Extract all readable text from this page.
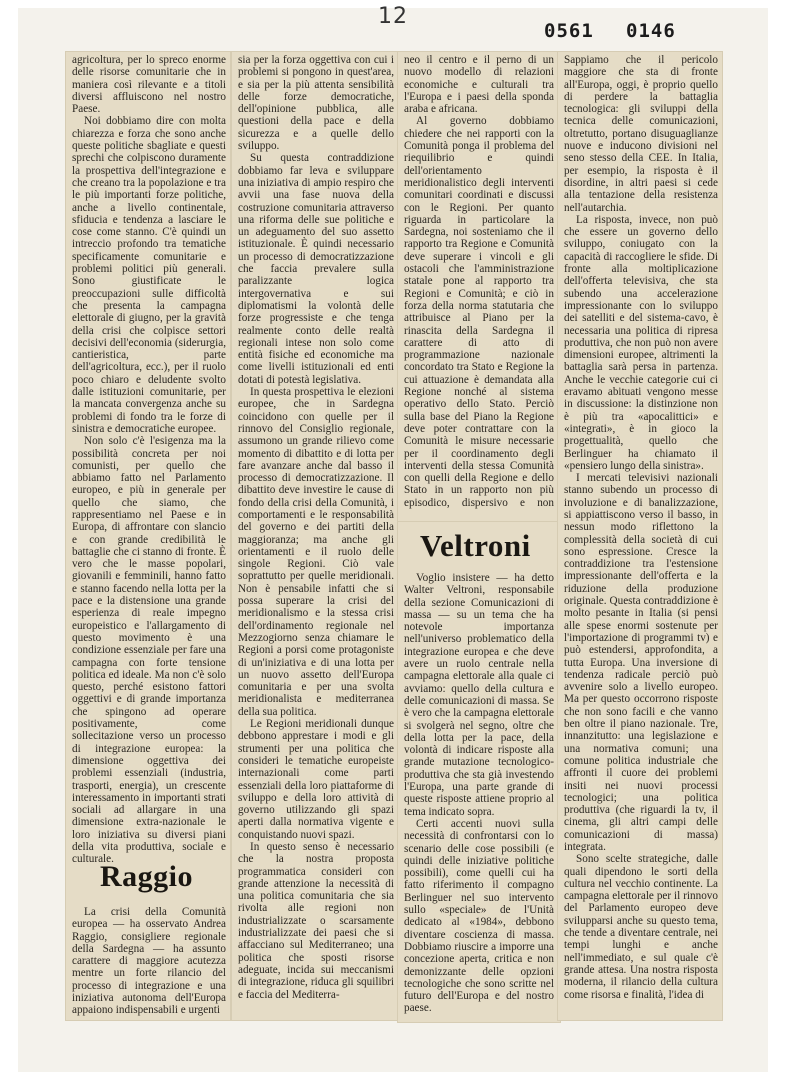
12
0561 0146

agricoltura, per lo spreco enorme delle risorse comunitarie che in maniera così rilevante e a titoli diversi affluiscono nel nostro Paese.

Noi dobbiamo dire con molta chiarezza e forza che sono anche queste politiche sbagliate e questi sprechi che colpiscono duramente la prospettiva dell'integrazione e che creano tra la popolazione e tra le più importanti forze politiche, anche a livello continentale, sfiducia e tendenza a lasciare le cose come stanno. C'è quindi un intreccio profondo tra tematiche specificamente comunitarie e problemi politici più generali. Sono giustificate le preoccupazioni sulle difficoltà che presenta la campagna elettorale di giugno, per la gravità della crisi che colpisce settori decisivi dell'economia (siderurgia, cantieristica, parte dell'agricoltura, ecc.), per il ruolo poco chiaro e deludente svolto dalle istituzioni comunitarie, per la mancata convergenza anche su problemi di fondo tra le forze di sinistra e democratiche europee.

Non solo c'è l'esigenza ma la possibilità concreta per noi comunisti, per quello che abbiamo fatto nel Parlamento europeo, e più in generale per quello che siamo, che rappresentiamo nel Paese e in Europa, di affrontare con slancio e con grande credibilità le battaglie che ci stanno di fronte. È vero che le masse popolari, giovanili e femminili, hanno fatto e stanno facendo nella lotta per la pace e la distensione una grande esperienza di reale impegno europeistico e l'allargamento di questo movimento è una condizione essenziale per fare una campagna con forte tensione politica ed ideale. Ma non c'è solo questo, perché esistono fattori oggettivi e di grande importanza che spingono ad operare positivamente, come sollecitazione verso un processo di integrazione europea: la dimensione oggettiva dei problemi essenziali (industria, trasporti, energia), un crescente interessamento in importanti strati sociali ad allargare in una dimensione extra-nazionale le loro iniziativa su diversi piani della vita produttiva, sociale e culturale.

Raggio

La crisi della Comunità europea — ha osservato Andrea Raggio, consigliere regionale della Sardegna — ha assunto carattere di maggiore acutezza mentre un forte rilancio del processo di integrazione e una iniziativa autonoma dell'Europa appaiono indispensabili e urgenti

sia per la forza oggettiva con cui i problemi si pongono in quest'area, e sia per la più attenta sensibilità delle forze democratiche, dell'opinione pubblica, alle questioni della pace e della sicurezza e a quelle dello sviluppo.

Su questa contraddizione dobbiamo far leva e sviluppare una iniziativa di ampio respiro che avvii una fase nuova della costruzione comunitaria attraverso una riforma delle sue politiche e un adeguamento del suo assetto istituzionale. È quindi necessario un processo di democratizzazione che faccia prevalere sulla paralizzante logica intergovernativa e sui diplomatismi la volontà delle forze progressiste e che tenga realmente conto delle realtà regionali intese non solo come entità fisiche ed economiche ma come livelli istituzionali ed enti dotati di potestà legislativa.

In questa prospettiva le elezioni europee, che in Sardegna coincidono con quelle per il rinnovo del Consiglio regionale, assumono un grande rilievo come momento di dibattito e di lotta per fare avanzare anche dal basso il processo di democratizzazione. Il dibattito deve investire le cause di fondo della crisi della Comunità, i comportamenti e le responsabilità del governo e dei partiti della maggioranza; ma anche gli orientamenti e il ruolo delle singole Regioni. Ciò vale soprattutto per quelle meridionali. Non è pensabile infatti che si possa superare la crisi del meridionalismo e la stessa crisi dell'ordinamento regionale nel Mezzogiorno senza chiamare le Regioni a porsi come protagoniste di un'iniziativa e di una lotta per un nuovo assetto dell'Europa comunitaria e per una svolta meridionalista e mediterranea della sua politica.

Le Regioni meridionali dunque debbono apprestare i modi e gli strumenti per una politica che consideri le tematiche europeiste internazionali come parti essenziali della loro piattaforme di sviluppo e della loro attività di governo utilizzando gli spazi aperti dalla normativa vigente e conquistando nuovi spazi.

In questo senso è necessario che la nostra proposta programmatica consideri con grande attenzione la necessità di una politica comunitaria che sia rivolta alle regioni non industrializzate o scarsamente industrializzate dei paesi che si affacciano sul Mediterraneo; una politica che sposti risorse adeguate, incida sui meccanismi di integrazione, riduca gli squilibri e faccia del Mediterra-

neo il centro e il perno di un nuovo modello di relazioni economiche e culturali tra l'Europa e i paesi della sponda araba e africana.

Al governo dobbiamo chiedere che nei rapporti con la Comunità ponga il problema del riequilibrio e quindi dell'orientamento meridionalistico degli interventi comunitari coordinati e discussi con le Regioni. Per quanto riguarda in particolare la Sardegna, noi sosteniamo che il rapporto tra Regione e Comunità deve superare i vincoli e gli ostacoli che l'amministrazione statale pone al rapporto tra Regioni e Comunità; e ciò in forza della norma statutaria che attribuisce al Piano per la rinascita della Sardegna il carattere di atto di programmazione nazionale concordato tra Stato e Regione la cui attuazione è demandata alla Regione nonché al sistema operativo dello Stato. Perciò sulla base del Piano la Regione deve poter contrattare con la Comunità le misure necessarie per il coordinamento degli interventi della stessa Comunità con quelli della Regione e dello Stato in un rapporto non più episodico, dispersivo e non

Veltroni

Voglio insistere — ha detto Walter Veltroni, responsabile della sezione Comunicazioni di massa — su un tema che ha notevole importanza nell'universo problematico della integrazione europea e che deve avere un ruolo centrale nella campagna elettorale alla quale ci avviamo: quello della cultura e delle comunicazioni di massa. Se è vero che la campagna elettorale si svolgerà nel segno, oltre che della lotta per la pace, della volontà di indicare risposte alla grande mutazione tecnologico-produttiva che sta già investendo l'Europa, una parte grande di queste risposte attiene proprio al tema indicato sopra.

Certi accenti nuovi sulla necessità di confrontarsi con lo scenario delle cose possibili (e quindi delle iniziative politiche possibili), come quelli cui ha fatto riferimento il compagno Berlinguer nel suo intervento sullo «speciale» de l'Unità dedicato al «1984», debbono diventare coscienza di massa. Dobbiamo riuscire a imporre una concezione aperta, critica e non demonizzante delle opzioni tecnologiche che sono scritte nel futuro dell'Europa e del nostro paese.

Sappiamo che il pericolo maggiore che sta di fronte all'Europa, oggi, è proprio quello di perdere la battaglia tecnologica: gli sviluppi della tecnica delle comunicazioni, oltretutto, portano disuguaglianze nuove e inducono divisioni nel seno stesso della CEE. In Italia, per esempio, la risposta è il disordine, in altri paesi si cede alla tentazione della resistenza nell'autarchia.

La risposta, invece, non può che essere un governo dello sviluppo, coniugato con la capacità di raccogliere le sfide. Di fronte alla moltiplicazione dell'offerta televisiva, che sta subendo una accelerazione impressionante con lo sviluppo dei satelliti e del sistema-cavo, è necessaria una politica di ripresa produttiva, che non può non avere dimensioni europee, altrimenti la battaglia sarà persa in partenza. Anche le vecchie categorie cui ci eravamo abituati vengono messe in discussione: la distinzione non è più tra «apocalittici» e «integrati», è in gioco la progettualità, quello che Berlinguer ha chiamato il «pensiero lungo della sinistra».

I mercati televisivi nazionali stanno subendo un processo di involuzione e di banalizzazione, si appiattiscono verso il basso, in nessun modo riflettono la complessità della società di cui sono espressione. Cresce la contraddizione tra l'estensione impressionante dell'offerta e la riduzione della produzione originale. Questa contraddizione è molto pesante in Italia (si pensi alle spese enormi sostenute per l'importazione di programmi tv) e può estendersi, approfondita, a tutta Europa. Una inversione di tendenza radicale perciò può avvenire solo a livello europeo. Ma per questo occorrono risposte che non sono facili e che vanno ben oltre il piano nazionale. Tre, innanzitutto: una legislazione e una normativa comuni; una comune politica industriale che affronti il cuore dei problemi insiti nei nuovi processi tecnologici; una politica produttiva (che riguardi la tv, il cinema, gli altri campi delle comunicazioni di massa) integrata.

Sono scelte strategiche, dalle quali dipendono le sorti della cultura nel vecchio continente. La campagna elettorale per il rinnovo del Parlamento europeo deve svilupparsi anche su questo tema, che tende a diventare centrale, nei tempi lunghi e anche nell'immediato, e sul quale c'è grande attesa. Una nostra risposta moderna, il rilancio della cultura come risorsa e finalità, l'idea di
